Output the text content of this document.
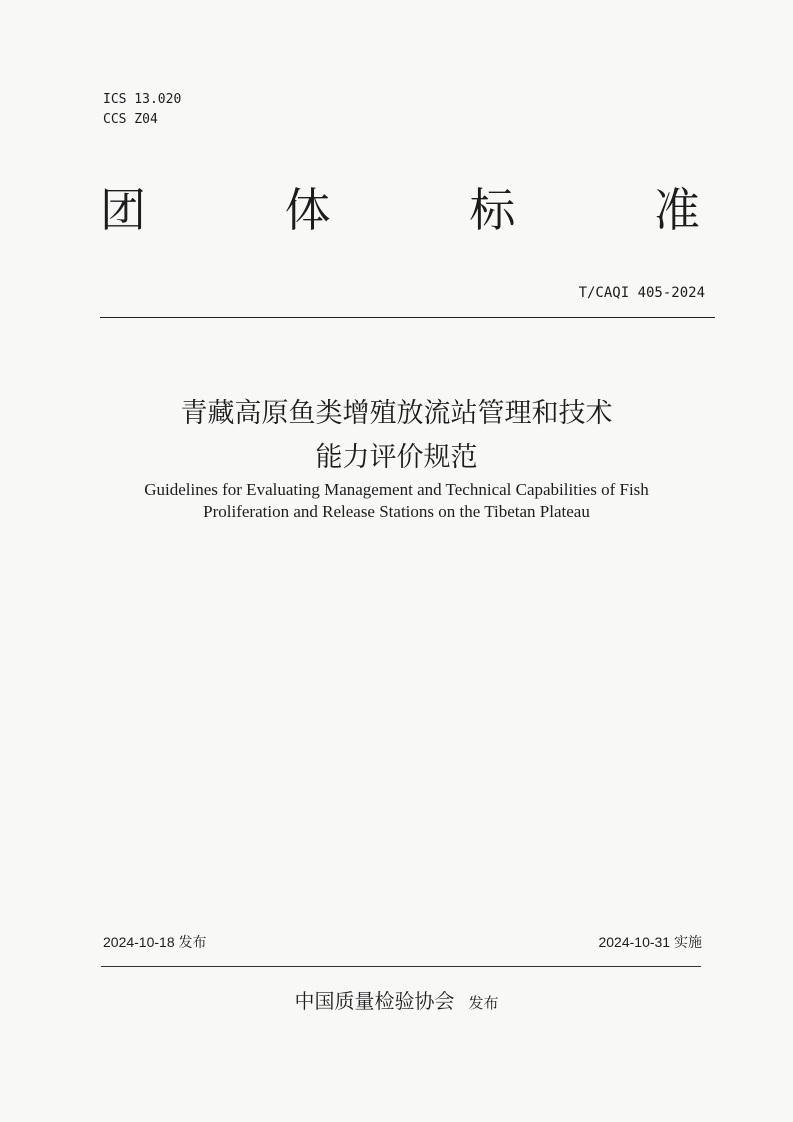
ICS 13.020
CCS Z04
团	体	标	准
T/CAQI 405-2024
青藏高原鱼类增殖放流站管理和技术
能力评价规范
Guidelines for Evaluating Management and Technical Capabilities of Fish
Proliferation and Release Stations on the Tibetan Plateau
2024-10-18 发布	2024-10-31 实施
中国质量检验协会 发布
